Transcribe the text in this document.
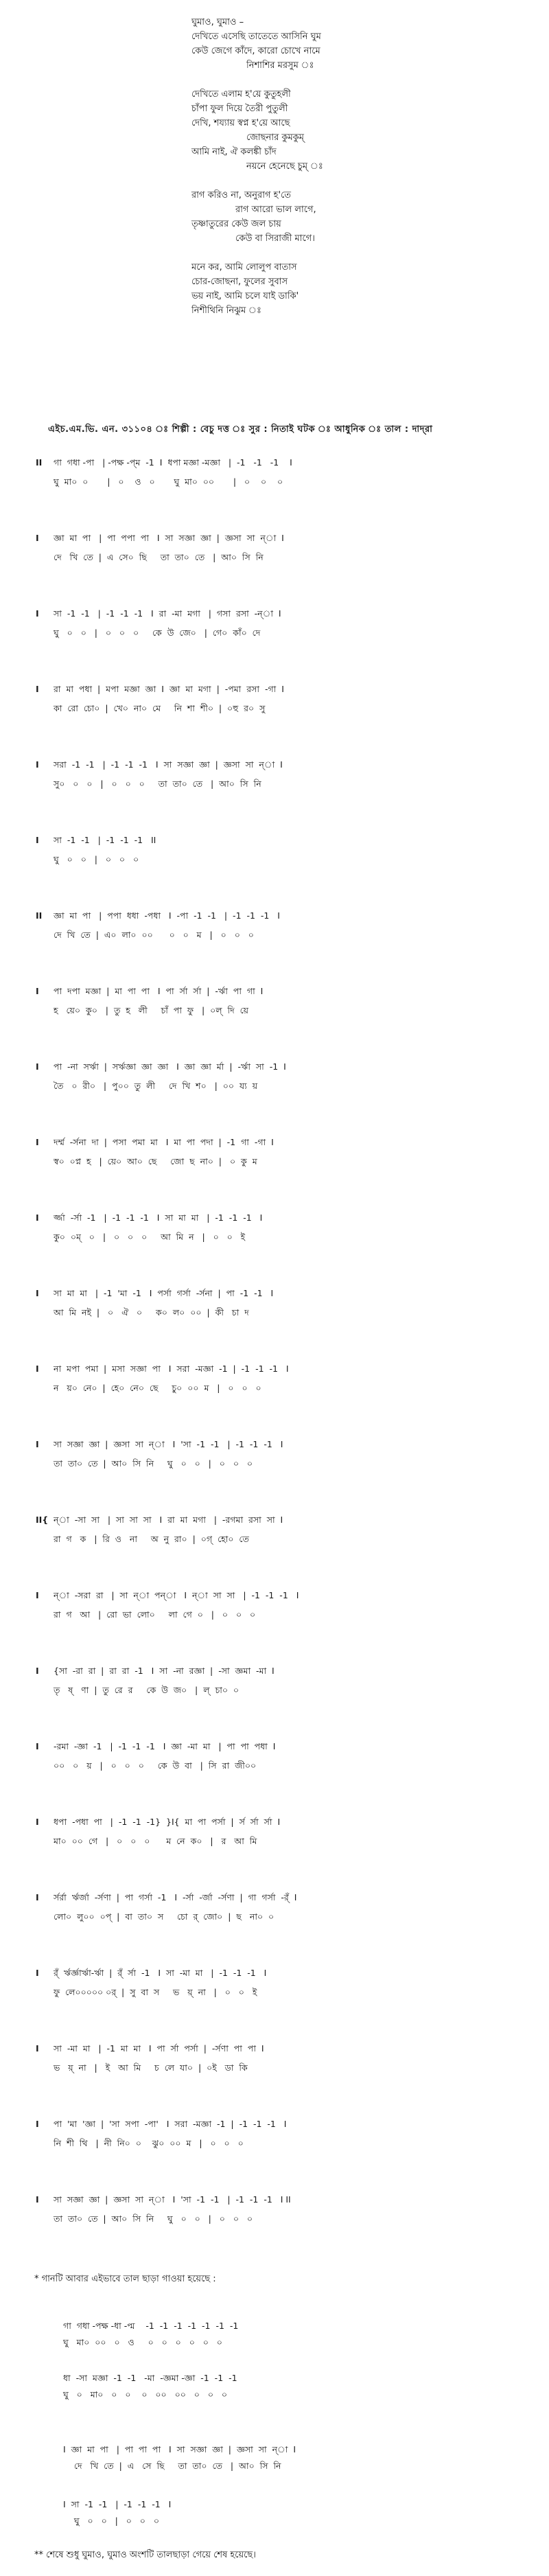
ঘুমাও, ঘুমাও –
দেখিতে এসেছি তাতেতে আসিনি ঘুম
কেউ জেগে কাঁদে, কারো চোখে নামে
নিশাশির মরসুম ঃ
দেখিতে এলাম হ'য়ে কুতুহলী
চাঁপা ফুল দিয়ে তৈরী পুতুলী
দেখি, শয্যায় স্বপ্ন হ'য়ে আছে
জোছনার কুমকুম্
আমি নাই, ঐ কলঙ্কী চাঁদ
নয়নে হেনেছে চুম্ ঃ
রাগ করিও না, অনুরাগ হ'তে
রাগ আরো ভাল লাগে,
তৃষ্ণাতুরের কেউ জল চায়
কেউ বা সিরাজী মাগে।
মনে কর, আমি লোলুপ বাতাস
চোর-জোছনা, ফুলের সুবাস
ভয় নাই, আমি চলে যাই ডাকি'
নিশীথিনি নিঝুম ঃ
এইচ.এম.ভি. এন. ৩১১০৪ ঃ শিল্পী : বেচু দত্ত ঃ সুর : নিতাই ঘটক ঃ আধুনিক ঃ তাল : দাদ্‌রা
II গা  গধা -পা   | -পক্ষ -প্‌ম  -1  I  ধপা মজ্ঞা -মজ্ঞা   |  -1   -1   -1    I
ঘু  মা০  ০       |   ০    ও   ০       ঘু  মা০  ০০       |   ০    ০    ০
I জ্ঞা  মা  পা   |  পা  পপা  পা   I  সা  সজ্ঞা  জ্ঞা  |  জ্ঞসা  সা  ন্‌া  I
দে   খি  তে  |  এ  সে০  ছি     তা  তা০  তে   |  আ০  সি  নি
I সা  -1  -1   |  -1  -1  -1   I  রা  -মা  মগা   |  গসা  রসা  -ন্‌া  I
ঘু   ০   ০   |   ০   ০   ০     কে  উ  জে০   |  গে০  কাঁ০  দে
I রা  মা  পধা  |  মপা  মজ্ঞা  জ্ঞা  I  জ্ঞা  মা  মগা  |  -পমা  রসা  -গা  I
কা  রো  চো০  |  খে০  না০  মে     নি  শা  শী০  |  ০হু  র০  সু
I সরা  -1  -1   |  -1  -1  -1   I  সা  সজ্ঞা  জ্ঞা  |  জ্ঞসা  সা  ন্‌া  I
সু০   ০   ০   |   ০   ০   ০     তা  তা০  তে   |  আ০  সি  নি
I সা  -1  -1   |  -1  -1  -1   II
ঘু   ০   ০   |   ০   ০   ০
II জ্ঞা  মা  পা   |  পপা  ধধা  -পধা   I  -পা  -1  -1   |  -1  -1  -1   I
দে  খি  তে  |  এ০  লা০  ০০      ০   ০   ম   |   ০   ০   ০
I পা  দপা  মজ্ঞা  |  মা  পা  পা   I  পা  র্সা  র্সা  |  -র্ঋা  পা  গা  I
হ   য়ে০  কু০   |  তু  হ   লী     চাঁ  পা  ফু   |  ০ল্‌  দি  য়ে
I পা  -না  সর্ঋা  |  সর্ঋজ্ঞা  জ্ঞা  জ্ঞা   I  জ্ঞা  জ্ঞা  র্মা  |  -র্ঋা  সা  -1  I
তৈ   ০  রী০   |  পু০০  তু  লী     দে  খি  শ০   |  ০০  য্য  য়
I দর্ম্ম  -র্সনা  দা  |  পসা  পমা  মা   I  মা  পা  পদা  |  -1  গা  -গা  I
স্ব০  ০প্ন  হ   |  য়ে০  আ০  ছে     জো  ছ  না০  |   ০  কু  ম
I র্জ্জা  -র্সা  -1   |  -1  -1  -1   I  সা  মা  মা   |  -1  -1  -1   I
কু০  ০ম্‌   ০   |   ০   ০   ০     আ  মি  ন   |   ০   ০   ই
I সা  মা  মা   |  -1  'মা  -1   I  পর্সা  গর্সা  -র্সনা  |  পা  -1  -1   I
আ  মি  নই  |   ০   ঐ   ০     ক০  ল০  ০০  |  কী   চা  দ
I না  মপা  পমা  |  মসা  সজ্ঞা  পা   I  সরা  -মজ্ঞা  -1  |  -1  -1  -1   I
ন   য়০  নে০  |  হে০  নে০  ছে     চু০  ০০  ম   |   ০   ০   ০
I সা  সজ্ঞা  জ্ঞা  |  জ্ঞসা  সা  ন্‌া   I  'সা  -1  -1   |  -1  -1  -1   I
তা  তা০  তে  |  আ০  সি  নি     ঘু   ০   ০   |   ০   ০   ০
II{ ন্‌া  -সা  সা   |  সা  সা  সা   I  রা  মা  মগা   |  -রগমা  রসা  সা  I
রা  গ   ক   |  রি  ও   না     অ  নু  রা০  |  ০গ্‌  হো০  তে
I ন্‌া  -সরা  রা   |  সা  ন্‌া  পন্‌া   I  ন্‌া  সা  সা   |  -1  -1  -1   I
রা  গ   আ   |  রো  ভা  লো০     লা  গে  ০   |   ০   ০   ০
I {সা  -রা  রা  |  রা  রা  -1   I  সা  -না  রজ্ঞা  |  -সা  জ্ঞমা  -মা  I
তৃ   ষ্‌   ণা  |  তু  রে  র     কে  উ  জ০   |  ল্‌  চা০  ০
I -রমা  -জ্ঞা  -1   |  -1  -1  -1   I  জ্ঞা  -মা  মা   |  পা  পা  পধা  I
০০   ০   য়   |   ০   ০   ০     কে  উ  বা   |  সি  রা  জী০০
I ধপা  -পধা  পা   |  -1  -1  -1}  }I{  মা  পা  পর্সা  |  র্স  র্সা  র্সা  I
মা০  ০০  গে   |   ০   ০   ০      ম  নে  ক০   |   র   আ  মি
I র্সর্রা  র্ঋর্জা  -র্সণা  |  পা  গর্সা  -1   I  -র্সা  -র্জা  -র্সণা  |  গা  গর্সা  -র্ঁ  I
লো০  লু০০  ০প্‌  |  বা  তা০  স     চো  র্‌  জো০  |  ছ   না০  ০
I র্ঁ  র্ঋর্জ্ঞার্ঋা-র্ঋা  |  র্ঁ  র্সা  -1   I  সা  -মা  মা   |  -1  -1  -1   I
ফু  লে০০০০০ ০র্‌  |  সু  বা  স     ভ   য়্‌  না   |   ০   ০   ই
I সা  -মা  মা   |  -1  মা  মা   I  পা  র্সা  পর্সা  |  -র্সণা  পা  পা  I
ভ   য়্‌  না   |   ই   আ  মি     চ  লে  যা০  |  ০ই   ডা  কি
I পা  'মা  'জ্ঞা  |  'সা  সপা  -পা'   I  সরা  -মজ্ঞা  -1  |  -1  -1  -1   I
নি  শী  থি   |  নী  নি০  ০    ঝু০  ০০  ম   |   ০   ০   ০
I সা  সজ্ঞা  জ্ঞা  |  জ্ঞসা  সা  ন্‌া   I  'সা  -1  -1   |  -1  -1  -1   I II
তা  তা০  তে  |  আ০  সি  নি     ঘু   ০   ০   |   ০   ০   ০
* গানটি আবার এইভাবে তাল ছাড়া গাওয়া হয়েছে :
গা  গধা -পক্ষ -ধা -প্ম    -1  -1  -1  -1  -1  -1  -1
ঘু   মা০  ০০   ০   ও     ০   ০   ০   ০   ০   ০
ধা  -সা  মজ্ঞা  -1  -1   -মা  -জ্ঞমা -জ্ঞা  -1  -1  -1
ঘু   ০   মা০   ০   ০    ০   ০০   ০০   ০   ০   ০
I  জ্ঞা  মা  পা   |  পা  পা  পা   I  সা  সজ্ঞা  জ্ঞা  |  জ্ঞসা  সা  ন্‌া  I
দে   খি  তে  |  এ   সে  ছি     তা  তা০  তে   |  আ০  সি  নি
I  সা  -1  -1   |  -1  -1  -1   I
ঘু   ০   ০   |   ০   ০   ০
** শেষে শুধু ঘুমাও, ঘুমাও অংশটি তালছাড়া গেয়ে শেষ হয়েছে।
